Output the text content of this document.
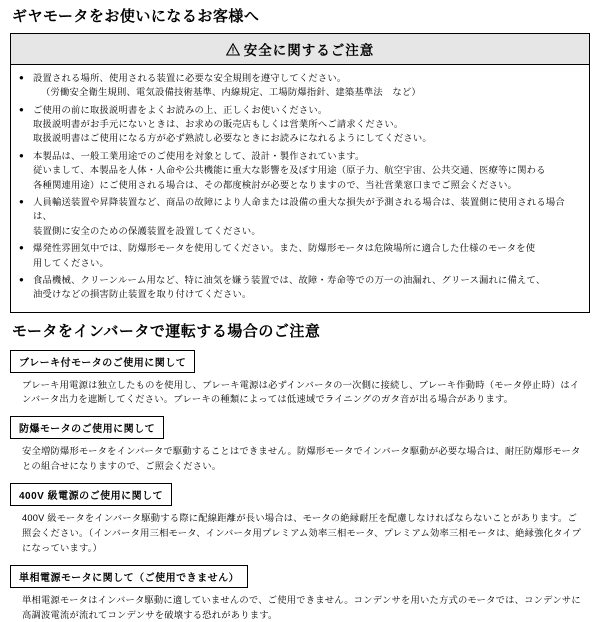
ギヤモータをお使いになるお客様へ
安全に関するご注意
● 設置される場所、使用される装置に必要な安全規則を遵守してください。
（労働安全衛生規則、電気設備技術基準、内線規定、工場防爆指針、建築基準法　など）
● ご使用の前に取扱説明書をよくお読みの上、正しくお使いください。
取扱説明書がお手元にないときは、お求めの販売店もしくは営業所へご請求ください。
取扱説明書はご使用になる方が必ず熟読し必要なときにお読みになれるようにしてください。
● 本製品は、一般工業用途でのご使用を対象として、設計・製作されています。
従いまして、本製品を人体・人命や公共機能に重大な影響を及ぼす用途（原子力、航空宇宙、公共交通、医療等に関わる
各種関連用途）にご使用される場合は、その都度検討が必要となりますので、当社営業窓口までご照会ください。
● 人員輸送装置や昇降装置など、商品の故障により人命または設備の重大な損失が予測される場合は、装置側に使用される場合は、
装置側に安全のための保護装置を設置してください。
● 爆発性雰囲気中では、防爆形モータを使用してください。また、防爆形モータは危険場所に適合した仕様のモータを使
用してください。
● 食品機械、クリーンルーム用など、特に油気を嫌う装置では、故障・寿命等での万一の油漏れ、グリース漏れに備えて、
油受けなどの損害防止装置を取り付けてください。
モータをインバータで運転する場合のご注意
ブレーキ付モータのご使用に関して

ブレーキ用電源は独立したものを使用し、ブレーキ電源は必ずインバータの一次側に接続し、ブレーキ作動時（モータ停止時）はインバータ出力を遮断してください。ブレーキの種類によっては低速域でライニングのガタ音が出る場合があります。

防爆モータのご使用に関して

安全増防爆形モータをインバータで駆動することはできません。防爆形モータでインバータ駆動が必要な場合は、耐圧防爆形モータとの組合せになりますので、ご照会ください。

400V 級電源のご使用に関して

400V 級モータをインバータ駆動する際に配線距離が長い場合は、モータの絶縁耐圧を配慮しなければならないことがあります。ご照会ください。（インバータ用三相モータ、インバータ用プレミアム効率三相モータ、プレミアム効率三相モータは、絶縁強化タイプになっています。）

単相電源モータに関して（ご使用できません）

単相電源モータはインバータ駆動に適していませんので、ご使用できません。コンデンサを用いた方式のモータでは、コンデンサに高調波電流が流れてコンデンサを破壊する恐れがあります。
